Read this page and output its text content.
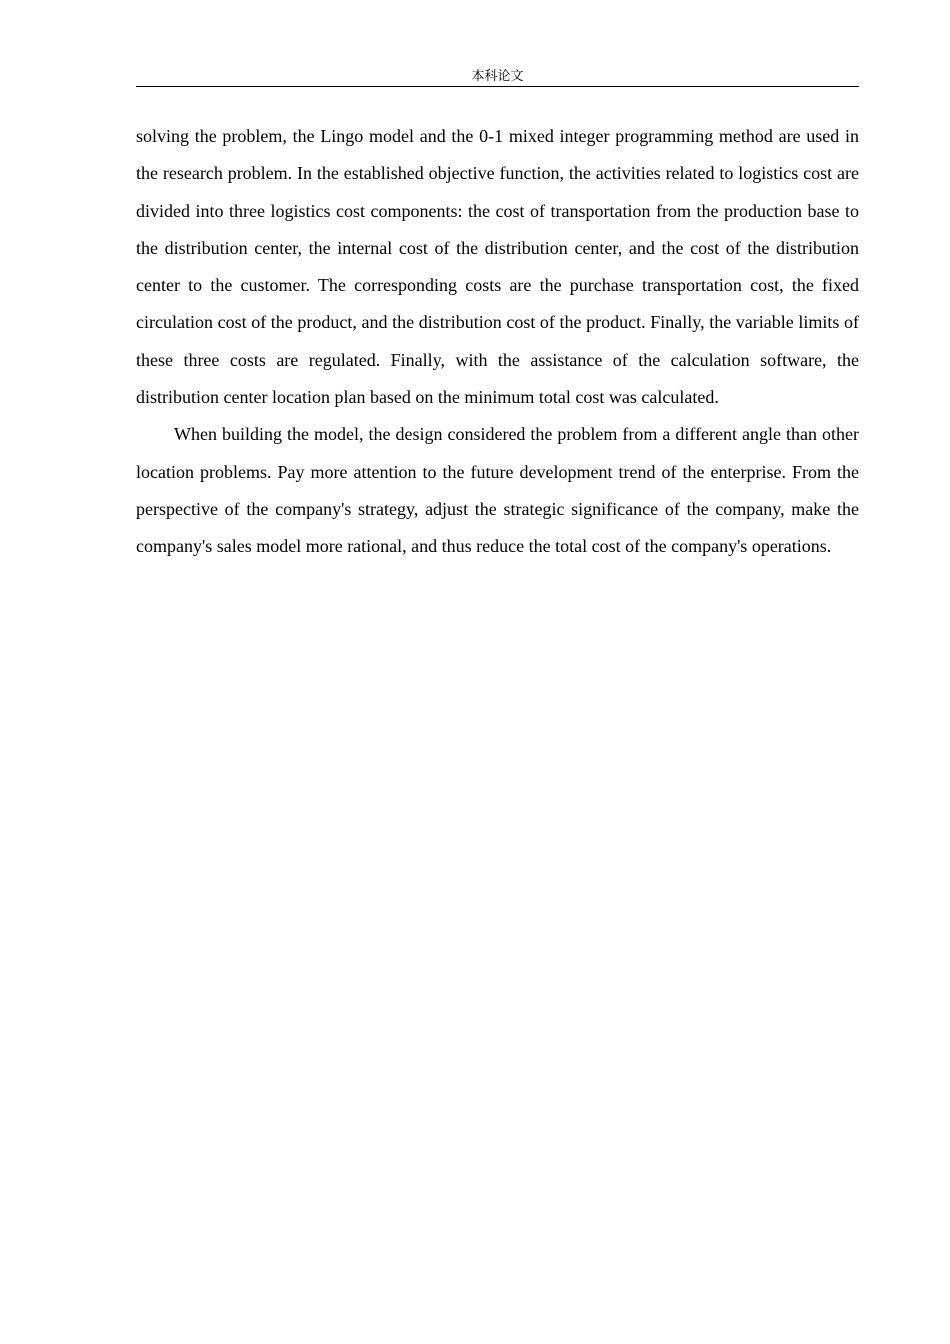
本科论文

solving the problem, the Lingo model and the 0-1 mixed integer programming method are used in the research problem. In the established objective function, the activities related to logistics cost are divided into three logistics cost components: the cost of transportation from the production base to the distribution center, the internal cost of the distribution center, and the cost of the distribution center to the customer. The corresponding costs are the purchase transportation cost, the fixed circulation cost of the product, and the distribution cost of the product. Finally, the variable limits of these three costs are regulated. Finally, with the assistance of the calculation software, the distribution center location plan based on the minimum total cost was calculated.

When building the model, the design considered the problem from a different angle than other location problems. Pay more attention to the future development trend of the enterprise. From the perspective of the company's strategy, adjust the strategic significance of the company, make the company's sales model more rational, and thus reduce the total cost of the company's operations.
